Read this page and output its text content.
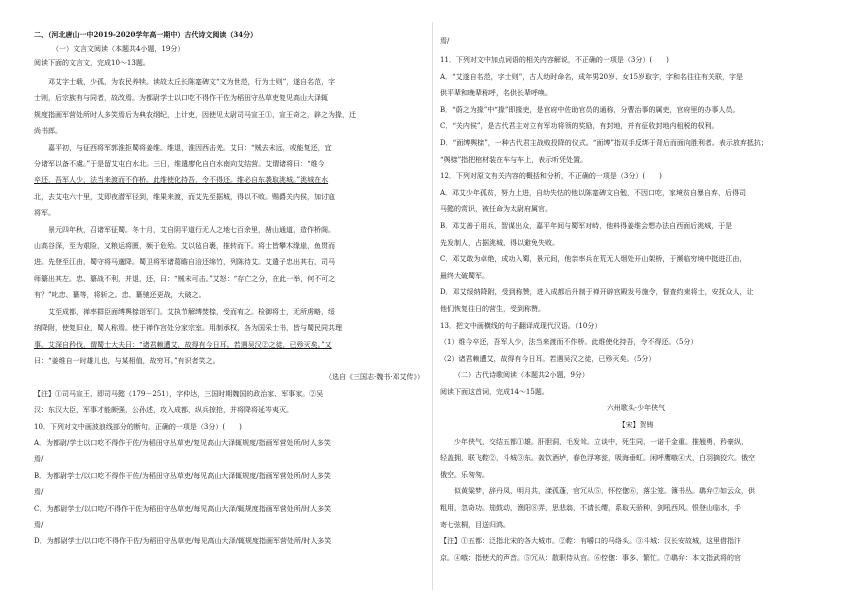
二、（河北唐山一中2019-2020学年高一期中）古代诗文阅读（34分）

（一）文言文阅读（本题共4小题，19分）

阅读下面的文言文，完成10～13题。

邓艾字士载，少孤，为农民养犊。读故太丘长陈寔碑文“文为世范，行为士则”，遂自名范，字

士则，后宗族有与同者，故改焉。为都尉学士以口吃不得作干佐为稻田守丛草吏复见高山大泽辄

规度指画军营处所时人多笑焉后为典农纲纪，上计吏，因使见太尉司马宣王①，宣王奇之，辟之为掾，迁

尚书郎。

嘉平初，与征西将军郭淮拒蜀将姜维。维退，淮因西击羌。艾曰：“贼去未远，或能复还，宜

分诸军以备不虞。”于是留艾屯白水北。三日，维遣廖化自白水南向艾结营。艾谓诸将曰：“维今

卒还，吾军人少，法当来渡而不作桥。此维使化持吾，令不得还。维必自东袭取洮城。”洮城在水

北，去艾屯六十里，艾即夜潜军径到，维果来渡，而艾先至据城，得以不败。赐爵关内侯，加讨寇

将军。

景元四年秋，召诸军征蜀。冬十月，艾自阴平道行无人之地七百余里，凿山通道，造作桥阁。

山高谷深，至为艰险，又粮运将匮，频于危殆。艾以毡自裹，推转而下。将士皆攀木缘崖，鱼贯而

进。先登至江由，蜀守将马邈降。蜀卫将军诸葛瞻自涪还绵竹，列陈待艾。艾遣子忠出其右，司马

师纂出其左。忠、纂战不利，并退，还，曰：“贼未可击。”艾怒：“存亡之分，在此一举，何不可之

有？”叱忠、纂等，将斩之。忠、纂驰还更战，大破之。

艾至成都，禅率群臣面缚舆榇诣军门。艾执节解缚焚榇，受而宥之。检御将士，无所虏略，绥

纳降附，使复旧业，蜀人称焉。使于禅作宫处分家宗室。用制承权，各为国采士书，皆与蜀民同共理

事。艾深自矜伐，谓蜀士大夫曰：“诸君赖遭艾，故得有今日耳。若遇吴汉②之徒，已殄灭矣。”又

曰：“姜维自一时雄儿也，与某相值，故穷耳。”有识者笑之。

（选自《三国志·魏书·邓艾传》）

【注】①司马宣王，即司马懿（179－251），字仲达，三国时期魏国的政治家、军事家。②吴

汉：东汉大臣，军事才能颇强，公孙述，攻入成都，纵兵掠抢，并将降将延岑夷灭。

10．下列对文中画波浪线部分的断句，正确的一项是（3分）(　　)

A．为都尉/学士以口吃不得作干佐/为稻田守丛草吏/复见高山大泽辄规度/指画军营处所/时人多笑

焉/

B．为都尉学士/以口吃不得作干佐/为稻田守丛草吏/每见高山大泽辄规度/指画军营处所/时人多笑

焉/

C．为都尉学士/以口吃/不得作干佐为稻田守丛草吏/每见高山大泽/辄规度指画军营处所/时人多笑

焉/

D．为都尉学士/以口吃不得作干佐/为稻田守丛草吏/每见高山大泽/辄规度指画军营处所/时人多笑

焉/

11．下列对文中加点词语的相关内容解说，不正确的一项是（3分）(　　)

A．“艾遂自名范，字士则”，古人幼时命名，成年男20岁、女15岁取字，字和名往往有关联，字是

供平辈和晚辈称呼，名供长辈呼唤。

B．“蔚之为掾”中“掾”即掾吏，是官府中佐助官员的通称，分曹治事的属吏，官府里的办事人员。

C．“关内侯”，是古代君主对立有军功将领的奖励，有封地，并有征收封地内租税的权利。

D．“面缚舆榇”，一种古代君主战败投降的仪式。“面缚”指双手反绑于背后而面向胜利者。表示放弃抵抗；

“舆榇”指把棺材装在车与车上，表示听凭处置。

12．下列对原文有关内容的概括和分析，不正确的一项是（3分）(　　)

A．邓艾少年孤贫，努力上进，自幼失怙的他以陈寔碑文自勉，不因口吃，家境贫自暴自弃，后得司

马懿的赏识，被任命为太尉府属官。

B．邓艾善于用兵，智谋出众，嘉平年间与蜀军对峙，他料得姜维会想办法自西面后洮城，于是

先发制人，占据洮城，得以避免失败。

C．邓艾敢为卓绝，成功入蜀，景元间，他亲率兵在荒无人烟处开山架桥，于濒临穷境中挺进江由，

最终大破蜀军。

D．邓艾绥纳降附，受到称赞，进入成都后升制于禅开辟宫殿发号施令，督查约束将士，安抚众人，让

他们恢复往日的营生，受到称赞。

13．把文中画横线的句子翻译成现代汉语。（10分）

（1）维今卒还，吾军人少，法当来渡而不作桥。此维使化持吾，令不得还。（5分）

（2）诸君赖遭艾，故得有今日耳。若遇吴汉之徒，已殄灭矣。（5分）

（二）古代诗歌阅读（本题共2小题，9分）

阅读下面这首词，完成14～15题。

六州歌头·少年侠气

【宋】贺铸

少年侠气，交结五都①雄。肝胆洞，毛发耸。立谈中，死生同，一诺千金重。推翘勇，矜豪纵，

轻盖拥，联飞鞚②，斗城③东。轰饮酒垆，春色浮寒瓮，吸海垂虹。闲呼鹰嗾④犬，白羽摘狡穴。俄空

俄空。乐匆匆。

似黄粱梦，辞丹凤，明月共，漾孤蓬，官冗从⑤，怀倥偬⑥，落尘笼。簿书丛。鹖弁⑦如云众，供

粗用，忽奇功。笳鼓动，渔阳⑧弄，思悲翁，不请长缨，系取天骄种，剑吼西风。恨登山临水，手

寄七弦桐，目送归鸿。

【注】①五都：泛指北宋的各大城市。②鞚：有嚼口的马络头。③斗城：汉长安故城，这里借指汴

京。④嗾：指使犬的声音。⑤冗从：散职侍从官。⑥倥偬：事多、繁忙。⑦鹖弁：本文指武将的官
